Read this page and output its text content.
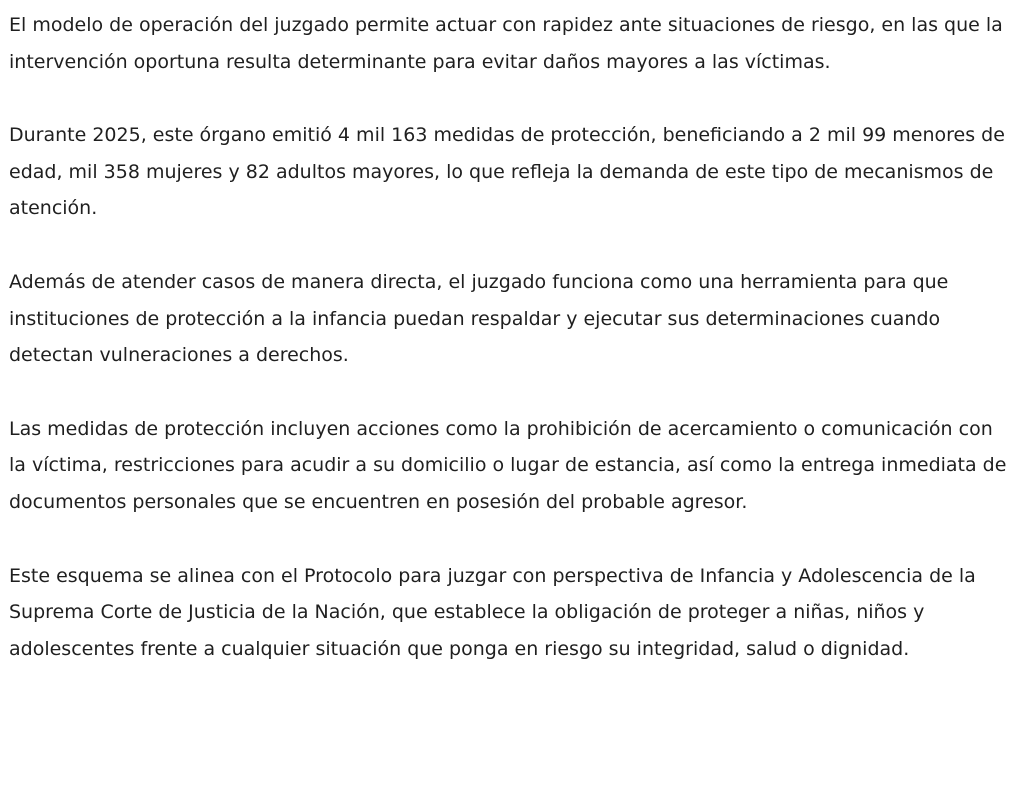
El modelo de operación del juzgado permite actuar con rapidez ante situaciones de riesgo, en las que la intervención oportuna resulta determinante para evitar daños mayores a las víctimas.

Durante 2025, este órgano emitió 4 mil 163 medidas de protección, beneficiando a 2 mil 99 menores de edad, mil 358 mujeres y 82 adultos mayores, lo que refleja la demanda de este tipo de mecanismos de atención.

Además de atender casos de manera directa, el juzgado funciona como una herramienta para que instituciones de protección a la infancia puedan respaldar y ejecutar sus determinaciones cuando detectan vulneraciones a derechos.

Las medidas de protección incluyen acciones como la prohibición de acercamiento o comunicación con la víctima, restricciones para acudir a su domicilio o lugar de estancia, así como la entrega inmediata de documentos personales que se encuentren en posesión del probable agresor.

Este esquema se alinea con el Protocolo para juzgar con perspectiva de Infancia y Adolescencia de la Suprema Corte de Justicia de la Nación, que establece la obligación de proteger a niñas, niños y adolescentes frente a cualquier situación que ponga en riesgo su integridad, salud o dignidad.
